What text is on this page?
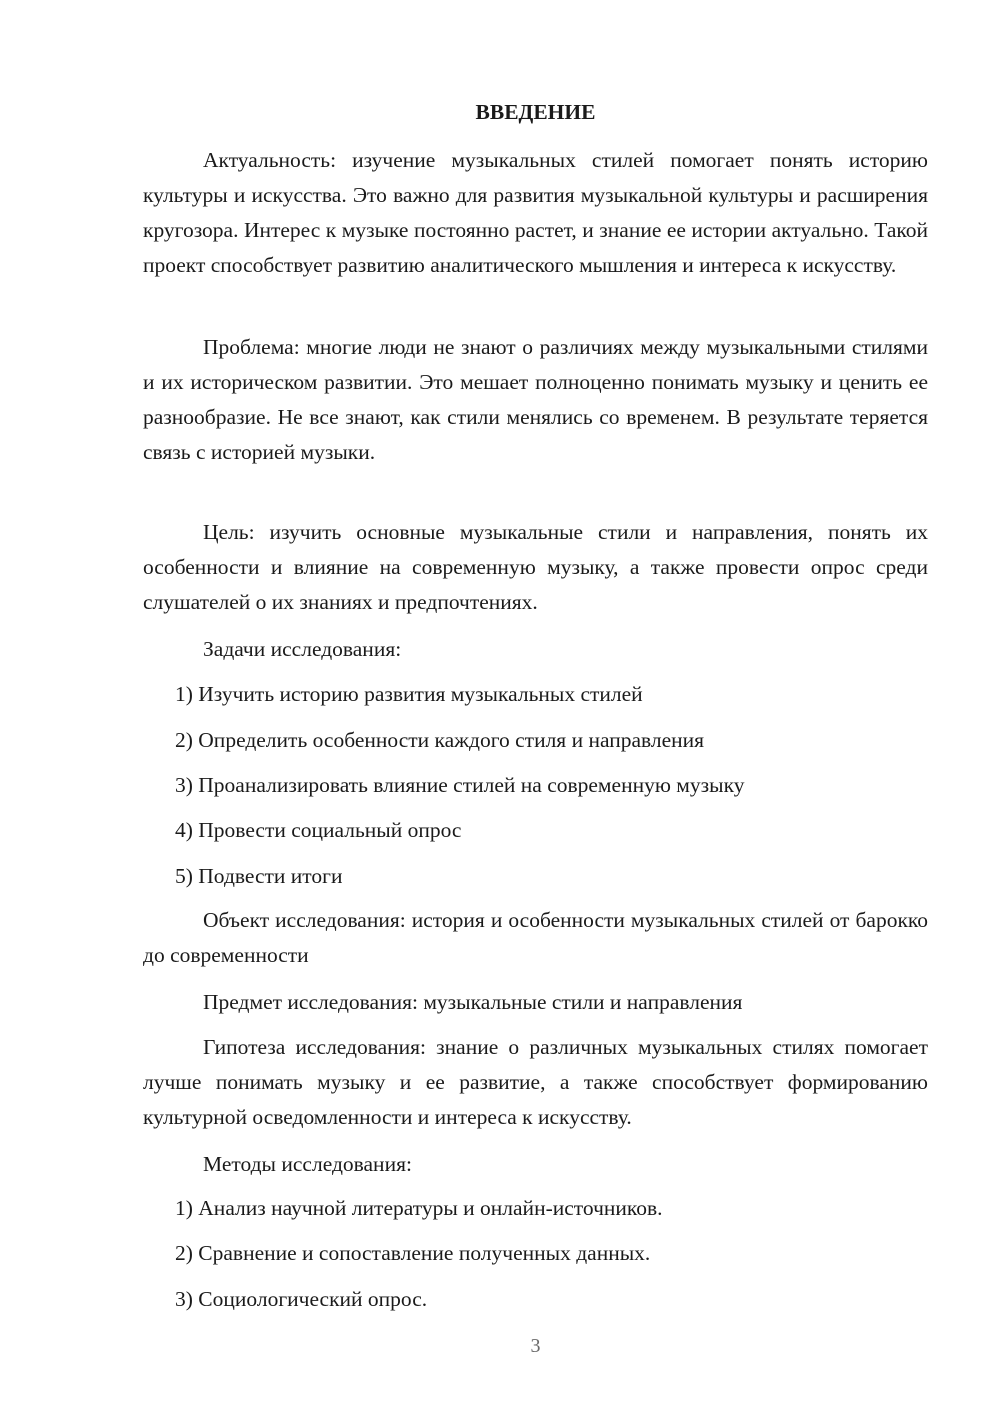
ВВЕДЕНИЕ

Актуальность: изучение музыкальных стилей помогает понять историю культуры и искусства. Это важно для развития музыкальной культуры и расширения кругозора. Интерес к музыке постоянно растет, и знание ее истории актуально. Такой проект способствует развитию аналитического мышления и интереса к искусству.

Проблема: многие люди не знают о различиях между музыкальными стилями и их историческом развитии. Это мешает полноценно понимать музыку и ценить ее разнообразие. Не все знают, как стили менялись со временем. В результате теряется связь с историей музыки.

Цель: изучить основные музыкальные стили и направления, понять их особенности и влияние на современную музыку, а также провести опрос среди слушателей о их знаниях и предпочтениях.

Задачи исследования:

1) Изучить историю развития музыкальных стилей

2) Определить особенности каждого стиля и направления

3) Проанализировать влияние стилей на современную музыку

4) Провести социальный опрос

5) Подвести итоги

Объект исследования: история и особенности музыкальных стилей от барокко до современности

Предмет исследования: музыкальные стили и направления

Гипотеза исследования: знание о различных музыкальных стилях помогает лучше понимать музыку и ее развитие, а также способствует формированию культурной осведомленности и интереса к искусству.

Методы исследования:

1) Анализ научной литературы и онлайн-источников.

2) Сравнение и сопоставление полученных данных.

3) Социологический опрос.

3
